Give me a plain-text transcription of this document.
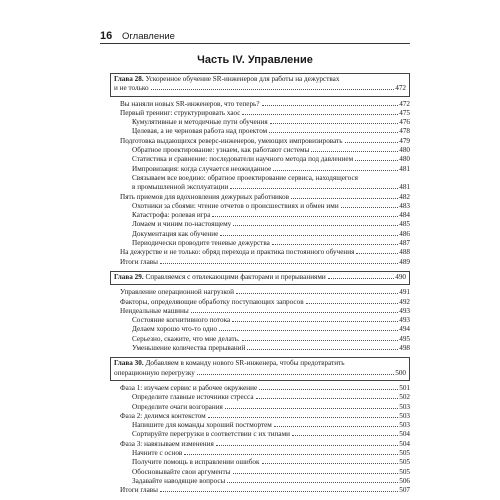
16 Оглавление
Часть IV. Управление
Глава 28. Ускоренное обучение SR-инженеров для работы на дежурствах
и не только	472
Вы наняли новых SR-инженеров, что теперь?	472
Первый тренинг: структурировать хаос	475
Кумулятивные и методичные пути обучения	476
Целевая, а не черновая работа над проектом	478
Подготовка выдающихся реверс-инженеров, умеющих импровизировать	479
Обратное проектирование: узнаем, как работают системы	480
Статистика и сравнение: последователи научного метода под давлением	480
Импровизация: когда случается неожиданное	481
Связываем все воедино: обратное проектирование сервиса, находящегося
в промышленной эксплуатации	481
Пять приемов для вдохновления дежурных работников	482
Охотники за сбоями: чтение отчетов о происшествиях и обмен ими	483
Катастрофа: ролевая игра	484
Ломаем и чиним по-настоящему	485
Документация как обучение	486
Периодически проводите теневые дежурства	487
На дежурстве и не только: обряд перехода и практика постоянного обучения	488
Итоги главы	489
Глава 29. Справляемся с отвлекающими факторами и прерываниями	490
Управление операционной нагрузкой	491
Факторы, определяющие обработку поступающих запросов	492
Неидеальные машины	493
Состояние когнитивного потока	493
Делаем хорошо что-то одно	494
Серьезно, скажите, что мне делать.	495
Уменьшение количества прерываний	498
Глава 30. Добавляем в команду нового SR-инженера, чтобы предотвратить
операционную перегрузку	500
Фаза 1: изучаем сервис и рабочее окружение	501
Определите главные источники стресса	502
Определите очаги возгорания	503
Фаза 2: делимся контекстом	503
Напишите для команды хороший постмортем	503
Сортируйте перегрузки в соответствии с их типами	504
Фаза 3: навязываем изменения	504
Начните с основ	505
Получите помощь в исправлении ошибок	505
Обосновывайте свои аргументы	505
Задавайте наводящие вопросы	506
Итоги главы	507
